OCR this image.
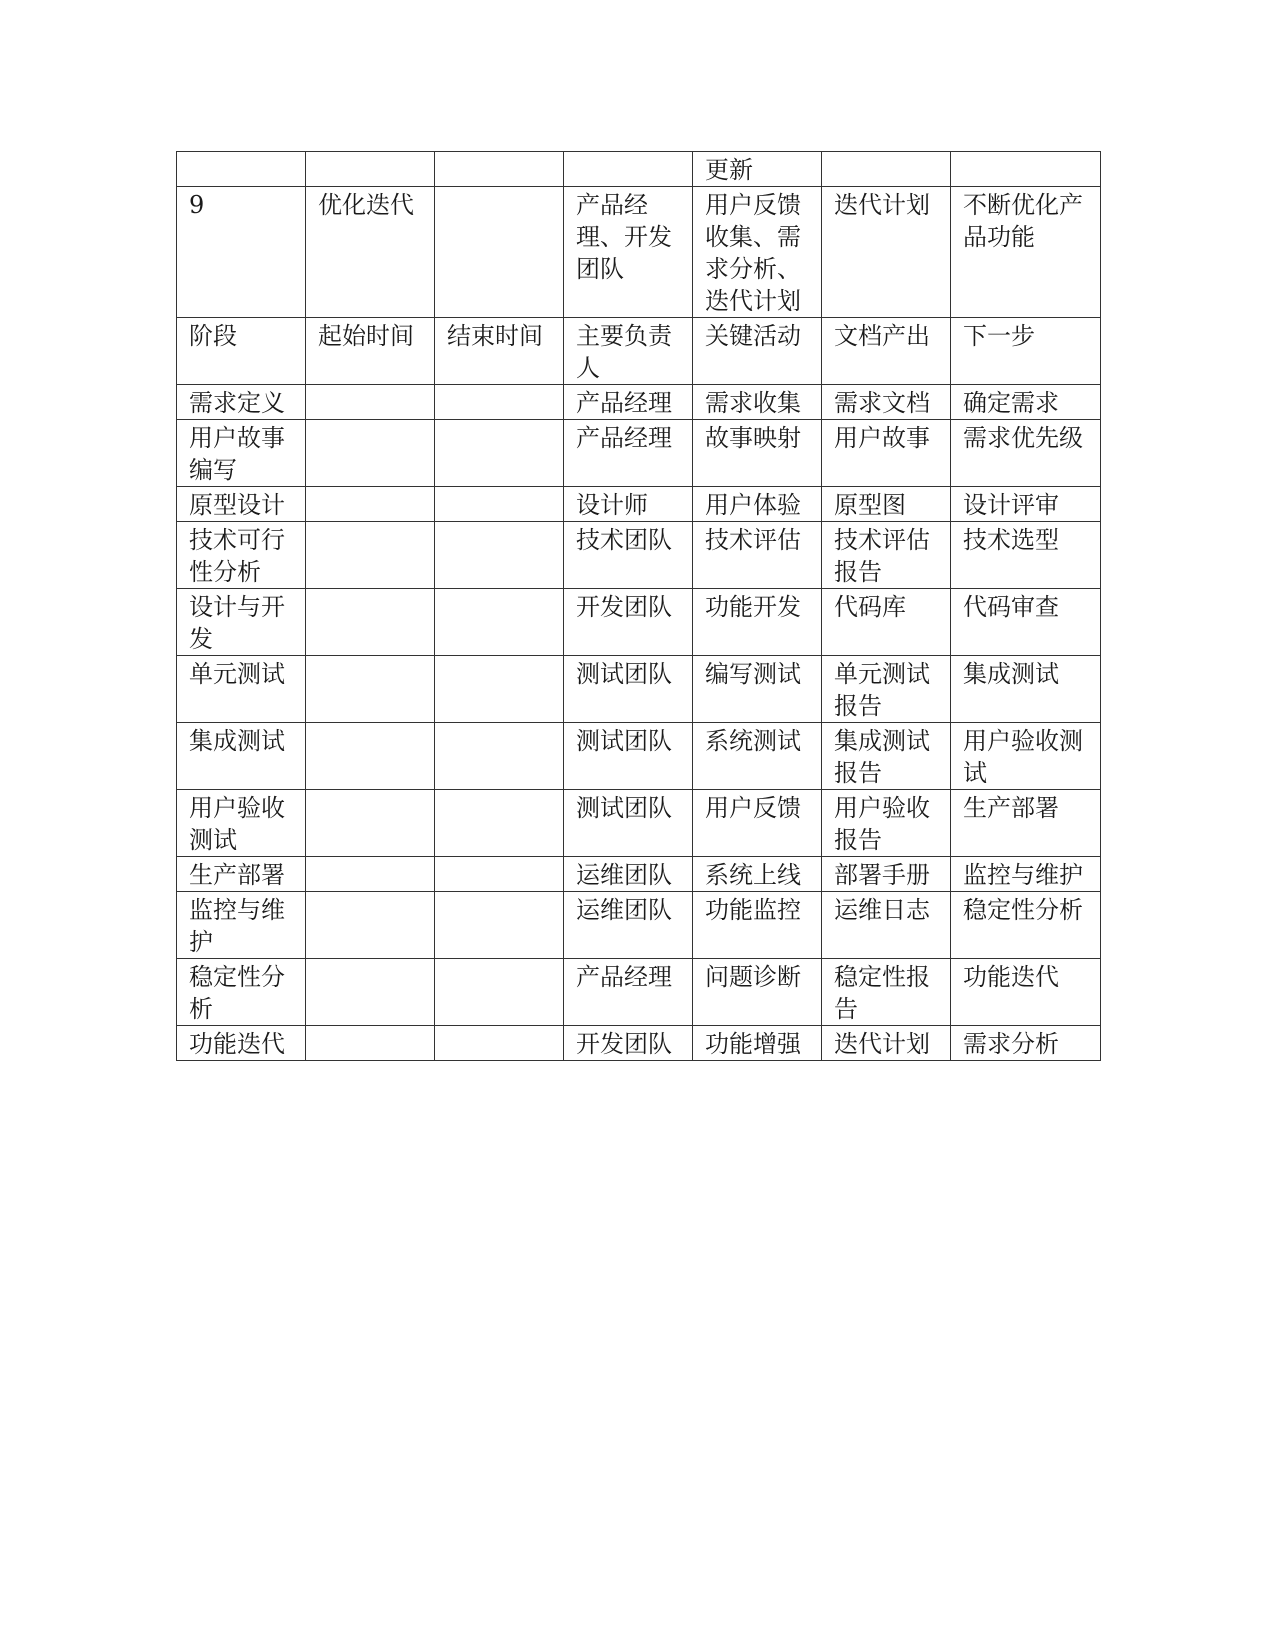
				更新		
9	优化迭代		产品经理、开发团队	用户反馈收集、需求分析、迭代计划	迭代计划	不断优化产品功能
阶段	起始时间	结束时间	主要负责人	关键活动	文档产出	下一步
需求定义			产品经理	需求收集	需求文档	确定需求
用户故事编写			产品经理	故事映射	用户故事	需求优先级
原型设计			设计师	用户体验	原型图	设计评审
技术可行性分析			技术团队	技术评估	技术评估报告	技术选型
设计与开发			开发团队	功能开发	代码库	代码审查
单元测试			测试团队	编写测试	单元测试报告	集成测试
集成测试			测试团队	系统测试	集成测试报告	用户验收测试
用户验收测试			测试团队	用户反馈	用户验收报告	生产部署
生产部署			运维团队	系统上线	部署手册	监控与维护
监控与维护			运维团队	功能监控	运维日志	稳定性分析
稳定性分析			产品经理	问题诊断	稳定性报告	功能迭代
功能迭代			开发团队	功能增强	迭代计划	需求分析
